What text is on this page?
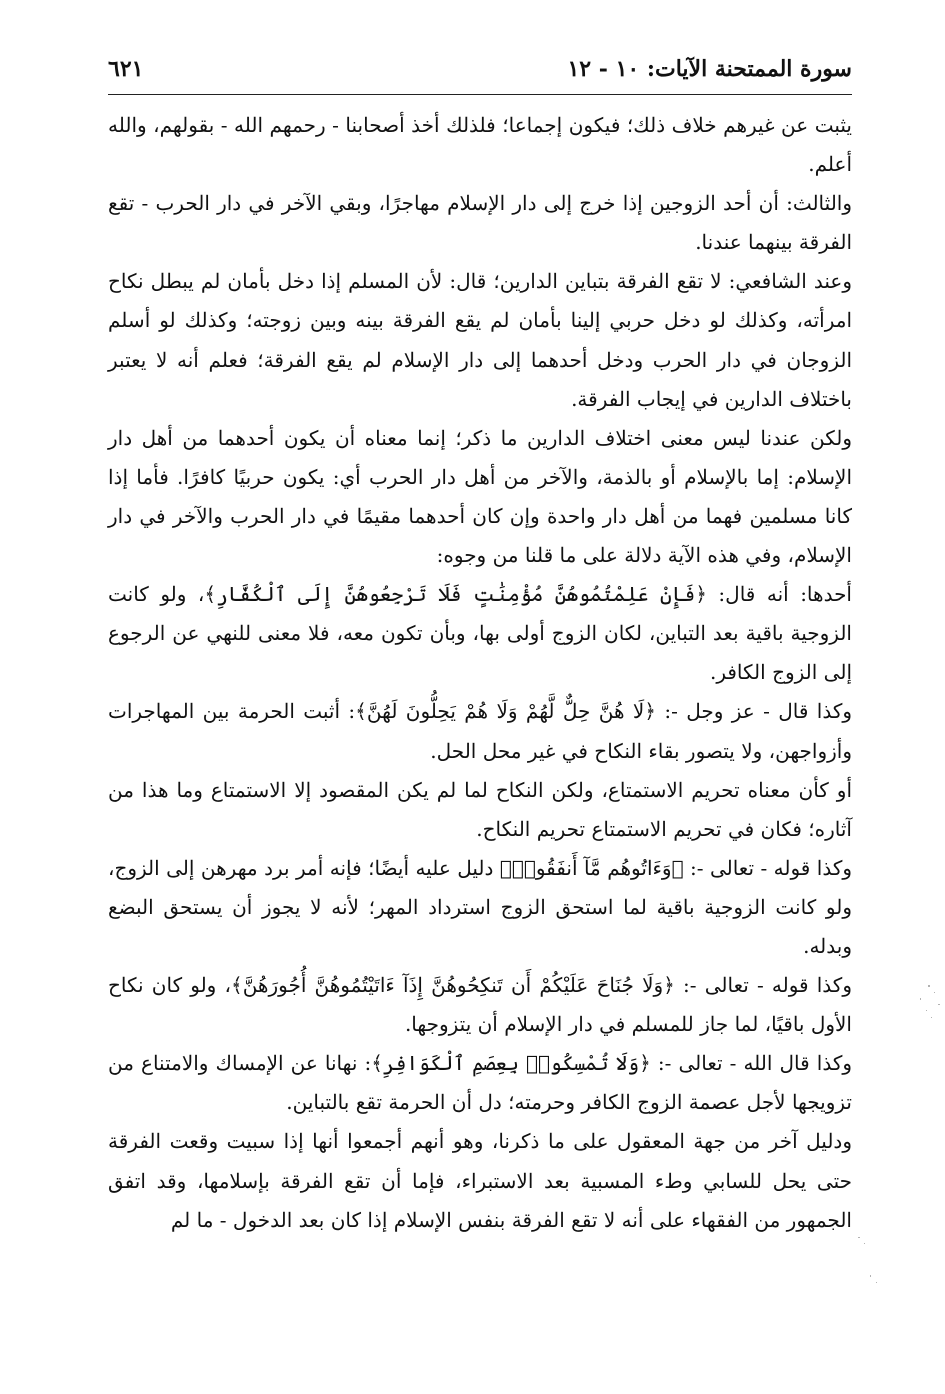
سورة الممتحنة الآيات: ١٠ - ١٢
٦٢١

يثبت عن غيرهم خلاف ذلك؛ فيكون إجماعا؛ فلذلك أخذ أصحابنا - رحمهم الله - بقولهم، والله أعلم.

والثالث: أن أحد الزوجين إذا خرج إلى دار الإسلام مهاجرًا، وبقي الآخر في دار الحرب - تقع الفرقة بينهما عندنا.

وعند الشافعي: لا تقع الفرقة بتباين الدارين؛ قال: لأن المسلم إذا دخل بأمان لم يبطل نكاح امرأته، وكذلك لو دخل حربي إلينا بأمان لم يقع الفرقة بينه وبين زوجته؛ وكذلك لو أسلم الزوجان في دار الحرب ودخل أحدهما إلى دار الإسلام لم يقع الفرقة؛ فعلم أنه لا يعتبر باختلاف الدارين في إيجاب الفرقة.

ولكن عندنا ليس معنى اختلاف الدارين ما ذكر؛ إنما معناه أن يكون أحدهما من أهل دار الإسلام: إما بالإسلام أو بالذمة، والآخر من أهل دار الحرب أي: يكون حربيًا كافرًا. فأما إذا كانا مسلمين فهما من أهل دار واحدة وإن كان أحدهما مقيمًا في دار الحرب والآخر في دار الإسلام، وفي هذه الآية دلالة على ما قلنا من وجوه:

أحدها: أنه قال: ﴿فَإِنْ عَلِمْتُمُوهُنَّ مُؤْمِنَٰتٍ فَلَا تَرْجِعُوهُنَّ إِلَى ٱلْكُفَّارِ﴾، ولو كانت الزوجية باقية بعد التباين، لكان الزوج أولى بها، وبأن تكون معه، فلا معنى للنهي عن الرجوع إلى الزوج الكافر.

وكذا قال - عز وجل -: ﴿لَا هُنَّ حِلٌّ لَّهُمْ وَلَا هُمْ يَحِلُّونَ لَهُنَّ﴾: أثبت الحرمة بين المهاجرات وأزواجهن، ولا يتصور بقاء النكاح في غير محل الحل.

أو كأن معناه تحريم الاستمتاع، ولكن النكاح لما لم يكن المقصود إلا الاستمتاع وما هذا من آثاره؛ فكان في تحريم الاستمتاع تحريم النكاح.

وكذا قوله - تعالى -: ﴿وَءَاتُوهُم مَّآ أَنفَقُوا۟﴾ دليل عليه أيضًا؛ فإنه أمر برد مهرهن إلى الزوج، ولو كانت الزوجية باقية لما استحق الزوج استرداد المهر؛ لأنه لا يجوز أن يستحق البضع وبدله.

وكذا قوله - تعالى -: ﴿وَلَا جُنَاحَ عَلَيْكُمْ أَن تَنكِحُوهُنَّ إِذَآ ءَاتَيْتُمُوهُنَّ أُجُورَهُنَّ﴾، ولو كان نكاح الأول باقيًا، لما جاز للمسلم في دار الإسلام أن يتزوجها.

وكذا قال الله - تعالى -: ﴿وَلَا تُمْسِكُوا۟ بِعِصَمِ ٱلْكَوَافِرِ﴾: نهانا عن الإمساك والامتناع من تزويجها لأجل عصمة الزوج الكافر وحرمته؛ دل أن الحرمة تقع بالتباين.

ودليل آخر من جهة المعقول على ما ذكرنا، وهو أنهم أجمعوا أنها إذا سبيت وقعت الفرقة حتى يحل للسابي وطء المسبية بعد الاستبراء، فإما أن تقع الفرقة بإسلامها، وقد اتفق الجمهور من الفقهاء على أنه لا تقع الفرقة بنفس الإسلام إذا كان بعد الدخول - ما لم
